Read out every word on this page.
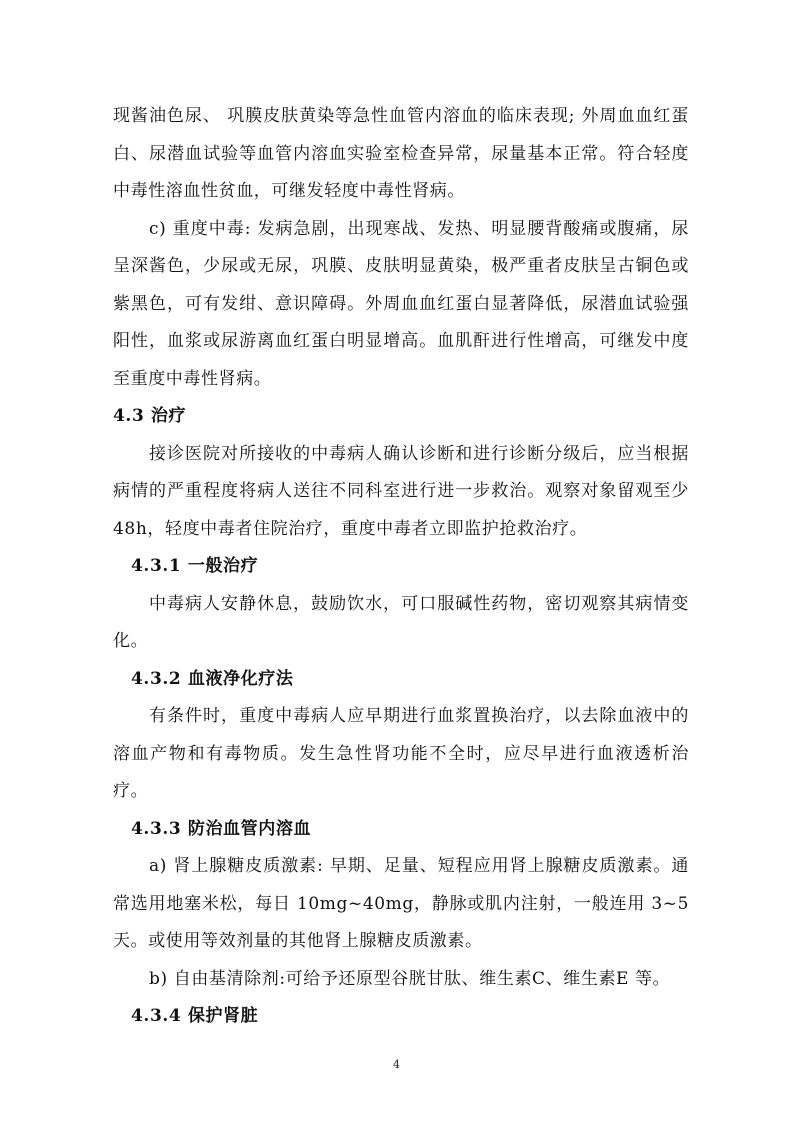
现酱油色尿、 巩膜皮肤黄染等急性血管内溶血的临床表现; 外周血血红蛋白、尿潜血试验等血管内溶血实验室检查异常，尿量基本正常。符合轻度中毒性溶血性贫血，可继发轻度中毒性肾病。

c) 重度中毒: 发病急剧，出现寒战、发热、明显腰背酸痛或腹痛，尿呈深酱色，少尿或无尿，巩膜、皮肤明显黄染，极严重者皮肤呈古铜色或紫黑色，可有发绀、意识障碍。外周血血红蛋白显著降低，尿潜血试验强阳性，血浆或尿游离血红蛋白明显增高。血肌酐进行性增高，可继发中度至重度中毒性肾病。

4.3 治疗

接诊医院对所接收的中毒病人确认诊断和进行诊断分级后，应当根据病情的严重程度将病人送往不同科室进行进一步救治。观察对象留观至少 48h，轻度中毒者住院治疗，重度中毒者立即监护抢救治疗。

4.3.1 一般治疗

中毒病人安静休息，鼓励饮水，可口服碱性药物，密切观察其病情变化。

4.3.2 血液净化疗法

有条件时，重度中毒病人应早期进行血浆置换治疗，以去除血液中的溶血产物和有毒物质。发生急性肾功能不全时，应尽早进行血液透析治疗。

4.3.3 防治血管内溶血

a) 肾上腺糖皮质激素: 早期、足量、短程应用肾上腺糖皮质激素。通常选用地塞米松，每日 10mg~40mg，静脉或肌内注射，一般连用 3~5 天。或使用等效剂量的其他肾上腺糖皮质激素。

b) 自由基清除剂:可给予还原型谷胱甘肽、维生素C、维生素E 等。

4.3.4 保护肾脏

4
